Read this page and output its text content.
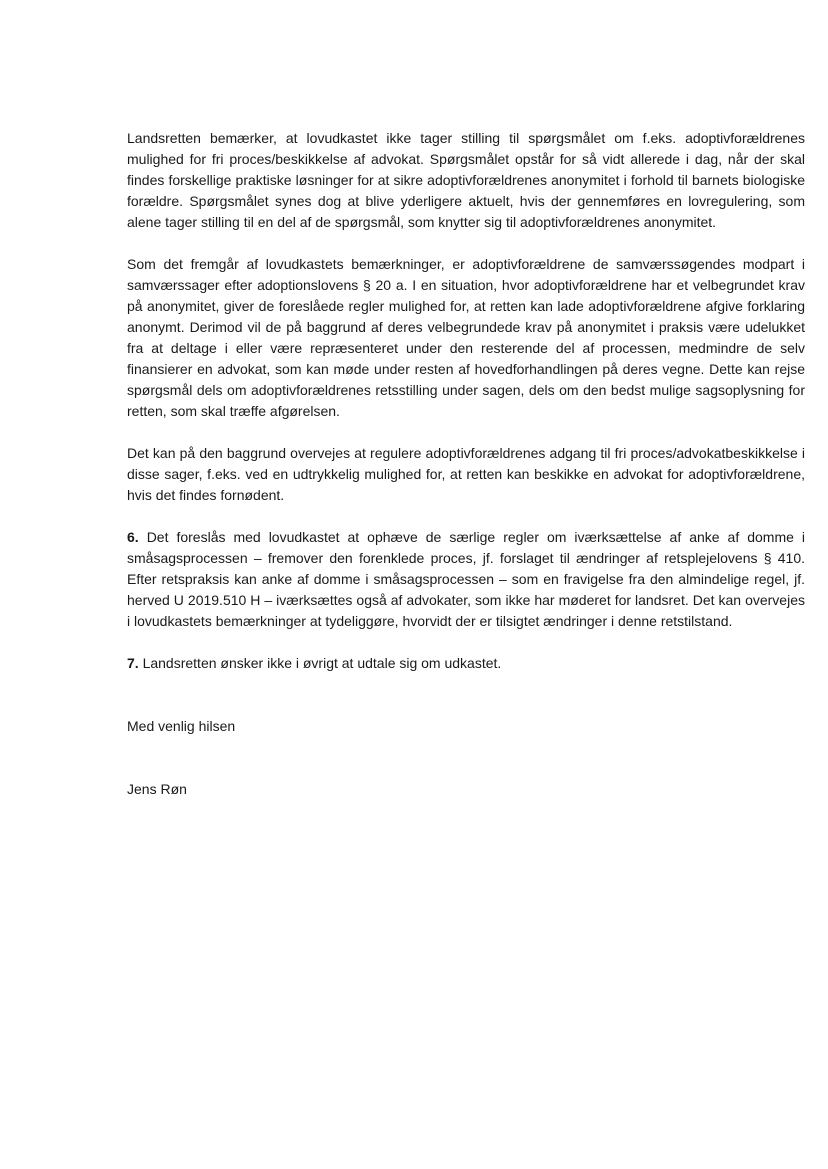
Landsretten bemærker, at lovudkastet ikke tager stilling til spørgsmålet om f.eks. adoptivforældrenes mulighed for fri proces/beskikkelse af advokat. Spørgsmålet opstår for så vidt allerede i dag, når der skal findes forskellige praktiske løsninger for at sikre adoptivforældrenes anonymitet i forhold til barnets biologiske forældre. Spørgsmålet synes dog at blive yderligere aktuelt, hvis der gennemføres en lovregulering, som alene tager stilling til en del af de spørgsmål, som knytter sig til adoptivforældrenes anonymitet.

Som det fremgår af lovudkastets bemærkninger, er adoptivforældrene de samværssøgendes modpart i samværssager efter adoptionslovens § 20 a. I en situation, hvor adoptivforældrene har et velbegrundet krav på anonymitet, giver de foreslåede regler mulighed for, at retten kan lade adoptivforældrene afgive forklaring anonymt. Derimod vil de på baggrund af deres velbegrundede krav på anonymitet i praksis være udelukket fra at deltage i eller være repræsenteret under den resterende del af processen, medmindre de selv finansierer en advokat, som kan møde under resten af hovedforhandlingen på deres vegne. Dette kan rejse spørgsmål dels om adoptivforældrenes retsstilling under sagen, dels om den bedst mulige sagsoplysning for retten, som skal træffe afgørelsen.

Det kan på den baggrund overvejes at regulere adoptivforældrenes adgang til fri proces/advokatbeskikkelse i disse sager, f.eks. ved en udtrykkelig mulighed for, at retten kan beskikke en advokat for adoptivforældrene, hvis det findes fornødent.

6. Det foreslås med lovudkastet at ophæve de særlige regler om iværksættelse af anke af domme i småsagsprocessen – fremover den forenklede proces, jf. forslaget til ændringer af retsplejelovens § 410. Efter retspraksis kan anke af domme i småsagsprocessen – som en fravigelse fra den almindelige regel, jf. herved U 2019.510 H – iværksættes også af advokater, som ikke har møderet for landsret. Det kan overvejes i lovudkastets bemærkninger at tydeliggøre, hvorvidt der er tilsigtet ændringer i denne retstilstand.

7. Landsretten ønsker ikke i øvrigt at udtale sig om udkastet.

Med venlig hilsen

Jens Røn
